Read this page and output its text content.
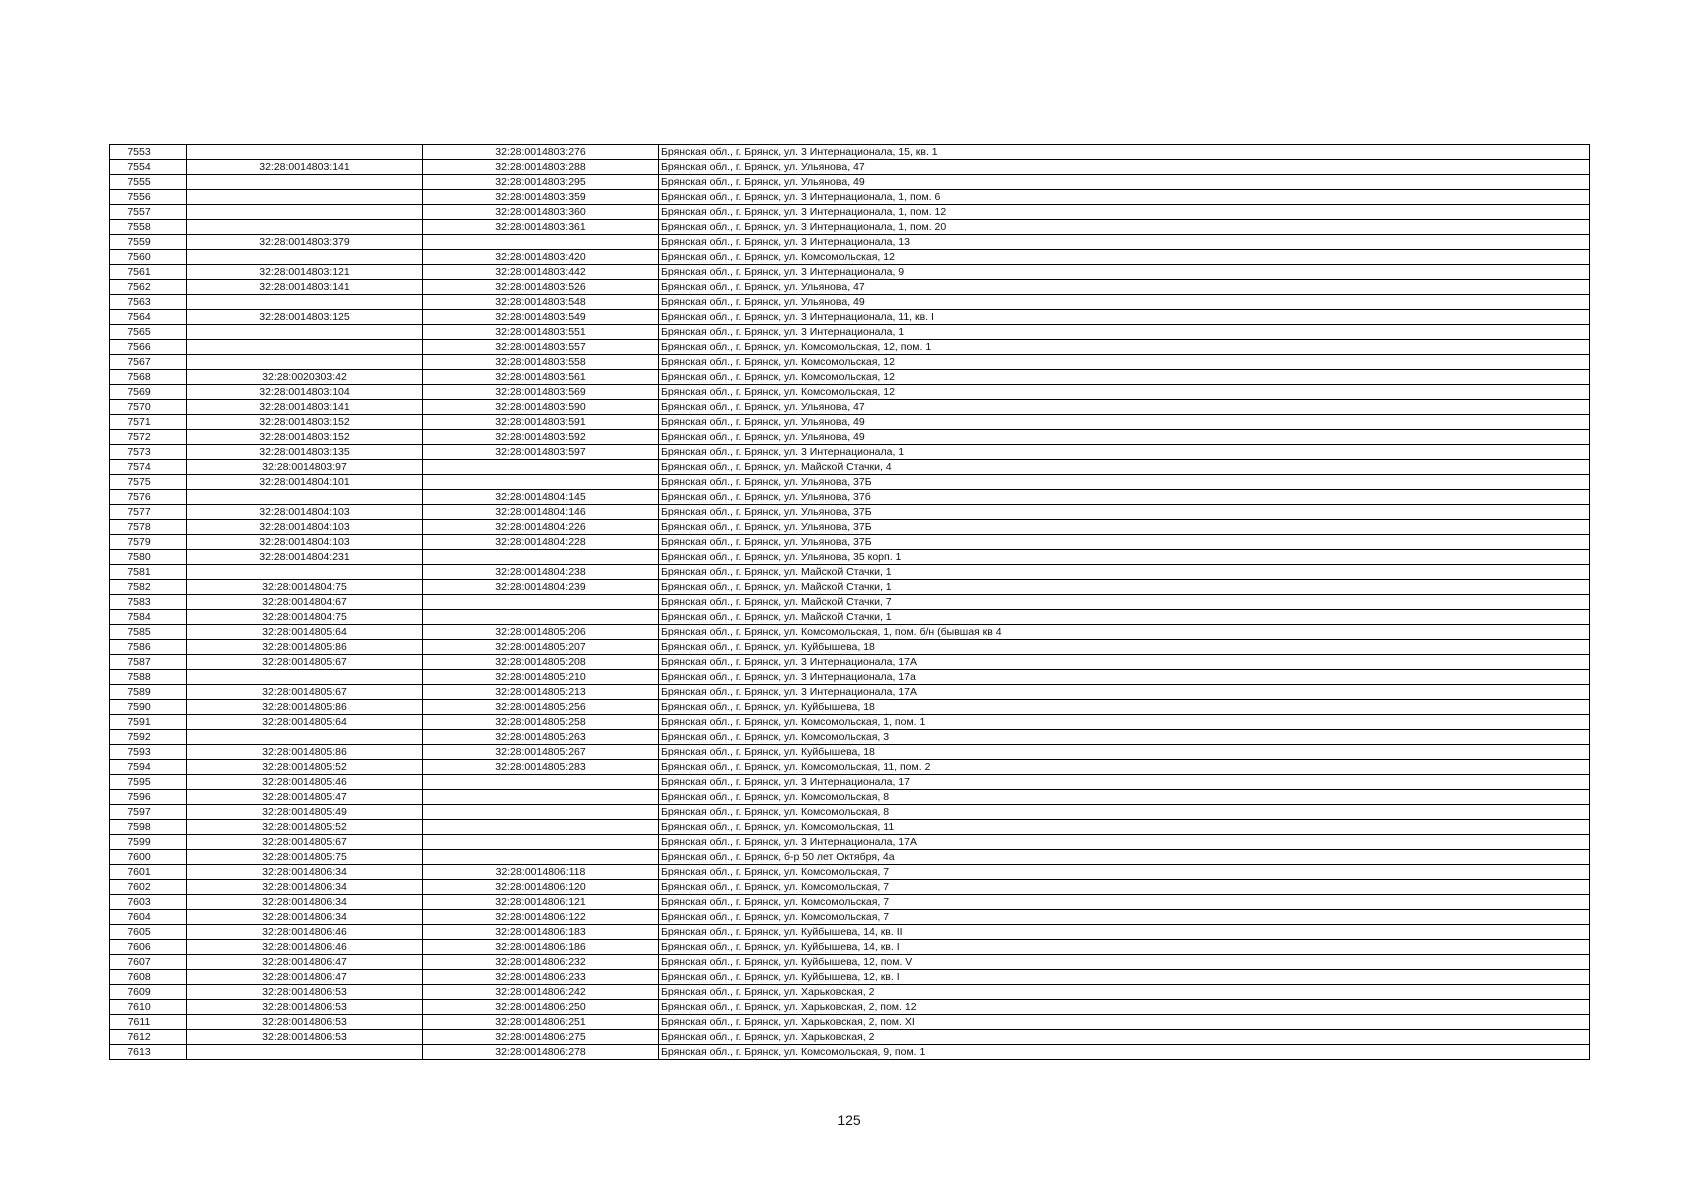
7553		32:28:0014803:276	Брянская обл., г. Брянск, ул. 3 Интернационала, 15, кв. 1
7554	32:28:0014803:141	32:28:0014803:288	Брянская обл., г. Брянск, ул. Ульянова, 47
7555		32:28:0014803:295	Брянская обл., г. Брянск, ул. Ульянова, 49
7556		32:28:0014803:359	Брянская обл., г. Брянск, ул. 3 Интернационала, 1, пом. 6
7557		32:28:0014803:360	Брянская обл., г. Брянск, ул. 3 Интернационала, 1, пом. 12
7558		32:28:0014803:361	Брянская обл., г. Брянск, ул. 3 Интернационала, 1, пом. 20
7559	32:28:0014803:379		Брянская обл., г. Брянск, ул. 3 Интернационала, 13
7560		32:28:0014803:420	Брянская обл., г. Брянск, ул. Комсомольская, 12
7561	32:28:0014803:121	32:28:0014803:442	Брянская обл., г. Брянск, ул. 3 Интернационала, 9
7562	32:28:0014803:141	32:28:0014803:526	Брянская обл., г. Брянск, ул. Ульянова, 47
7563		32:28:0014803:548	Брянская обл., г. Брянск, ул. Ульянова, 49
7564	32:28:0014803:125	32:28:0014803:549	Брянская обл., г. Брянск, ул. 3 Интернационала, 11, кв. I
7565		32:28:0014803:551	Брянская обл., г. Брянск, ул. 3 Интернационала, 1
7566		32:28:0014803:557	Брянская обл., г. Брянск, ул. Комсомольская, 12, пом. 1
7567		32:28:0014803:558	Брянская обл., г. Брянск, ул. Комсомольская, 12
7568	32:28:0020303:42	32:28:0014803:561	Брянская обл., г. Брянск, ул. Комсомольская, 12
7569	32:28:0014803:104	32:28:0014803:569	Брянская обл., г. Брянск, ул. Комсомольская, 12
7570	32:28:0014803:141	32:28:0014803:590	Брянская обл., г. Брянск, ул. Ульянова, 47
7571	32:28:0014803:152	32:28:0014803:591	Брянская обл., г. Брянск, ул. Ульянова, 49
7572	32:28:0014803:152	32:28:0014803:592	Брянская обл., г. Брянск, ул. Ульянова, 49
7573	32:28:0014803:135	32:28:0014803:597	Брянская обл., г. Брянск, ул. 3 Интернационала, 1
7574	32:28:0014803:97		Брянская обл., г. Брянск, ул. Майской Стачки, 4
7575	32:28:0014804:101		Брянская обл., г. Брянск, ул. Ульянова, 37Б
7576		32:28:0014804:145	Брянская обл., г. Брянск, ул. Ульянова, 37б
7577	32:28:0014804:103	32:28:0014804:146	Брянская обл., г. Брянск, ул. Ульянова, 37Б
7578	32:28:0014804:103	32:28:0014804:226	Брянская обл., г. Брянск, ул. Ульянова, 37Б
7579	32:28:0014804:103	32:28:0014804:228	Брянская обл., г. Брянск, ул. Ульянова, 37Б
7580	32:28:0014804:231		Брянская обл., г. Брянск, ул. Ульянова, 35 корп. 1
7581		32:28:0014804:238	Брянская обл., г. Брянск, ул. Майской Стачки, 1
7582	32:28:0014804:75	32:28:0014804:239	Брянская обл., г. Брянск, ул. Майской Стачки, 1
7583	32:28:0014804:67		Брянская обл., г. Брянск, ул. Майской Стачки, 7
7584	32:28:0014804:75		Брянская обл., г. Брянск, ул. Майской Стачки, 1
7585	32:28:0014805:64	32:28:0014805:206	Брянская обл., г. Брянск, ул. Комсомольская, 1, пом. б/н (бывшая кв 4
7586	32:28:0014805:86	32:28:0014805:207	Брянская обл., г. Брянск, ул. Куйбышева, 18
7587	32:28:0014805:67	32:28:0014805:208	Брянская обл., г. Брянск, ул. 3 Интернационала, 17А
7588		32:28:0014805:210	Брянская обл., г. Брянск, ул. 3 Интернационала, 17а
7589	32:28:0014805:67	32:28:0014805:213	Брянская обл., г. Брянск, ул. 3 Интернационала, 17А
7590	32:28:0014805:86	32:28:0014805:256	Брянская обл., г. Брянск, ул. Куйбышева, 18
7591	32:28:0014805:64	32:28:0014805:258	Брянская обл., г. Брянск, ул. Комсомольская, 1, пом. 1
7592		32:28:0014805:263	Брянская обл., г. Брянск, ул. Комсомольская, 3
7593	32:28:0014805:86	32:28:0014805:267	Брянская обл., г. Брянск, ул. Куйбышева, 18
7594	32:28:0014805:52	32:28:0014805:283	Брянская обл., г. Брянск, ул. Комсомольская, 11, пом. 2
7595	32:28:0014805:46		Брянская обл., г. Брянск, ул. 3 Интернационала, 17
7596	32:28:0014805:47		Брянская обл., г. Брянск, ул. Комсомольская, 8
7597	32:28:0014805:49		Брянская обл., г. Брянск, ул. Комсомольская, 8
7598	32:28:0014805:52		Брянская обл., г. Брянск, ул. Комсомольская, 11
7599	32:28:0014805:67		Брянская обл., г. Брянск, ул. 3 Интернационала, 17А
7600	32:28:0014805:75		Брянская обл., г. Брянск, б-р 50 лет Октября, 4а
7601	32:28:0014806:34	32:28:0014806:118	Брянская обл., г. Брянск, ул. Комсомольская, 7
7602	32:28:0014806:34	32:28:0014806:120	Брянская обл., г. Брянск, ул. Комсомольская, 7
7603	32:28:0014806:34	32:28:0014806:121	Брянская обл., г. Брянск, ул. Комсомольская, 7
7604	32:28:0014806:34	32:28:0014806:122	Брянская обл., г. Брянск, ул. Комсомольская, 7
7605	32:28:0014806:46	32:28:0014806:183	Брянская обл., г. Брянск, ул. Куйбышева, 14, кв. II
7606	32:28:0014806:46	32:28:0014806:186	Брянская обл., г. Брянск, ул. Куйбышева, 14, кв. I
7607	32:28:0014806:47	32:28:0014806:232	Брянская обл., г. Брянск, ул. Куйбышева, 12, пом. V
7608	32:28:0014806:47	32:28:0014806:233	Брянская обл., г. Брянск, ул. Куйбышева, 12, кв. I
7609	32:28:0014806:53	32:28:0014806:242	Брянская обл., г. Брянск, ул. Харьковская, 2
7610	32:28:0014806:53	32:28:0014806:250	Брянская обл., г. Брянск, ул. Харьковская, 2, пом. 12
7611	32:28:0014806:53	32:28:0014806:251	Брянская обл., г. Брянск, ул. Харьковская, 2, пом. XI
7612	32:28:0014806:53	32:28:0014806:275	Брянская обл., г. Брянск, ул. Харьковская, 2
7613		32:28:0014806:278	Брянская обл., г. Брянск, ул. Комсомольская, 9, пом. 1
125
